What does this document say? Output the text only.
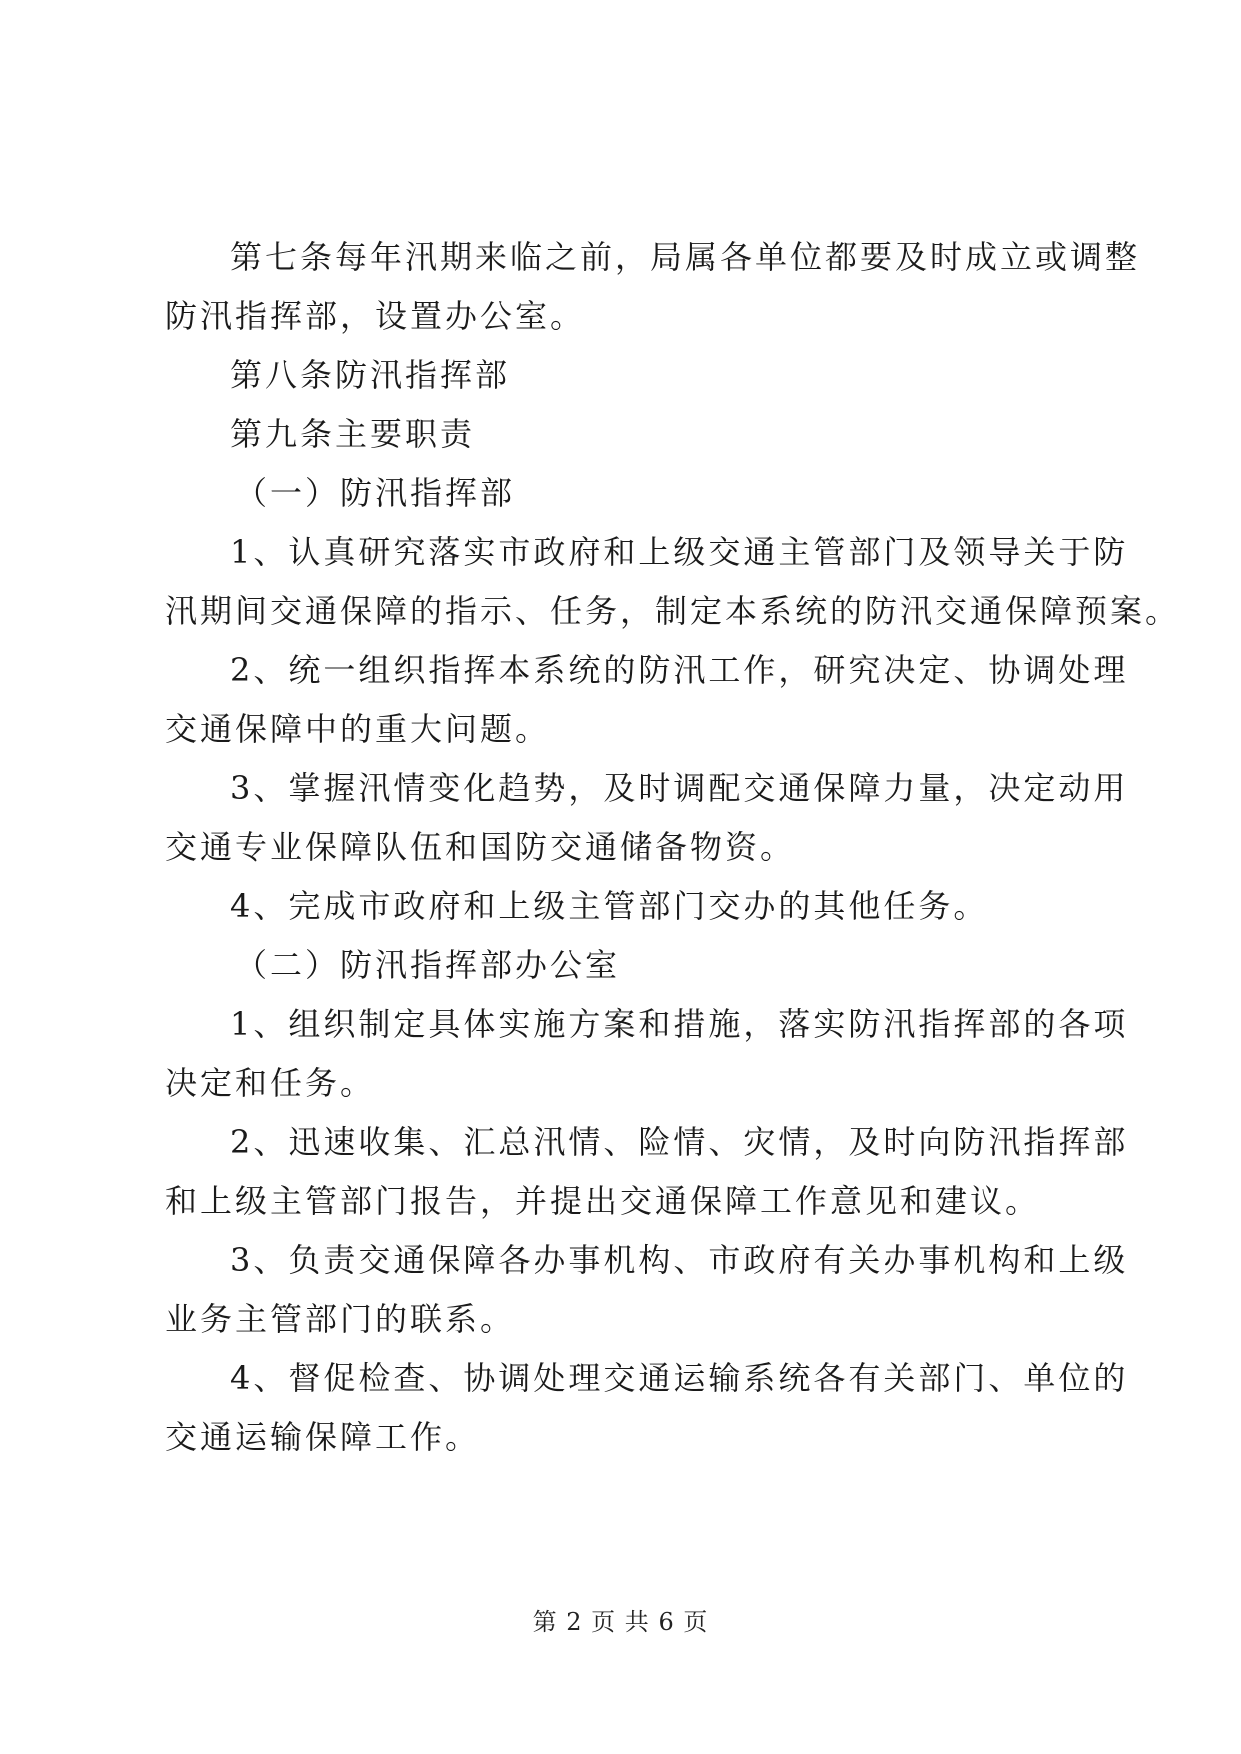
第七条每年汛期来临之前，局属各单位都要及时成立或调整

防汛指挥部，设置办公室。

第八条防汛指挥部

第九条主要职责

（一）防汛指挥部

1、认真研究落实市政府和上级交通主管部门及领导关于防

汛期间交通保障的指示、任务，制定本系统的防汛交通保障预案。

2、统一组织指挥本系统的防汛工作，研究决定、协调处理

交通保障中的重大问题。

3、掌握汛情变化趋势，及时调配交通保障力量，决定动用

交通专业保障队伍和国防交通储备物资。

4、完成市政府和上级主管部门交办的其他任务。

（二）防汛指挥部办公室

1、组织制定具体实施方案和措施，落实防汛指挥部的各项

决定和任务。

2、迅速收集、汇总汛情、险情、灾情，及时向防汛指挥部

和上级主管部门报告，并提出交通保障工作意见和建议。

3、负责交通保障各办事机构、市政府有关办事机构和上级

业务主管部门的联系。

4、督促检查、协调处理交通运输系统各有关部门、单位的

交通运输保障工作。

第 2 页 共 6 页
